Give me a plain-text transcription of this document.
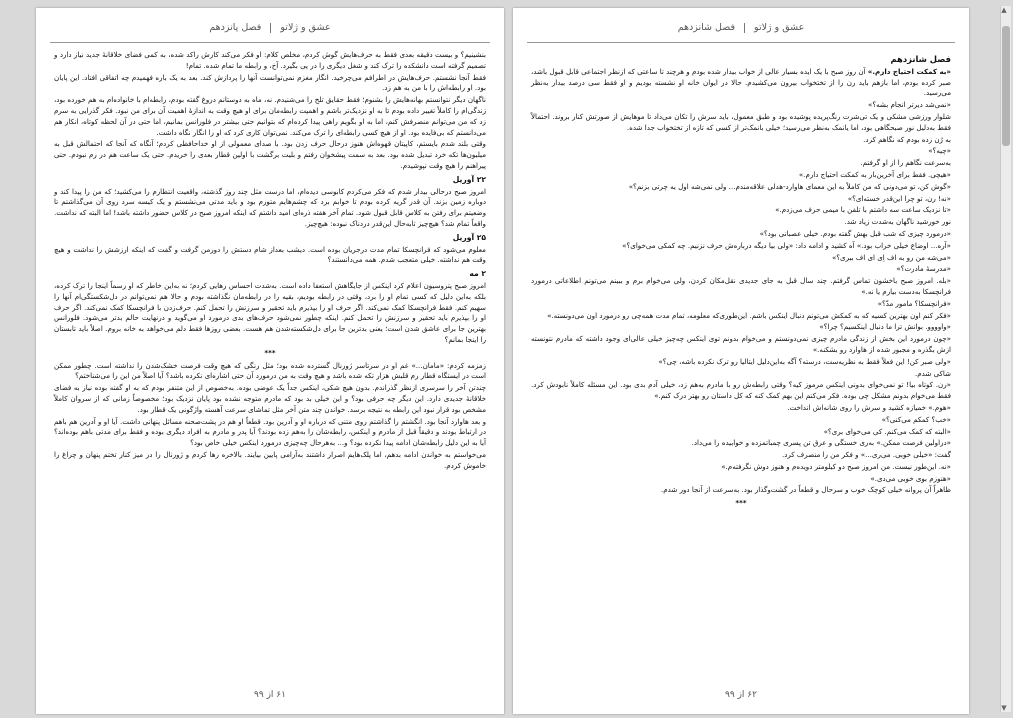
عشق و ژلاتو  فصل پانزدهم

بنشینیم؟ و بیست دقیقه بعدی فقط به حرف‌هایش گوش کردم، مخلص کلام: او فکر می‌کند کارش راکد شده، به کمی فضای خلاقانهٔ جدید نیاز دارد و تصمیم گرفته است دانشکده را ترک کند و شغل دیگری را در پی بگیرد. آخ، و رابطه ما تمام شده. تمام!

فقط آنجا نشستم. حرف‌هایش در اطرافم می‌چرخید. انگار مغزم نمی‌توانست آنها را پردازش کند. بعد به یک باره فهمیدم چه اتفاقی افتاد. این پایان بود. او رابطه‌اش را با من به هم زد.

ناگهان دیگر نتوانستم بهانه‌هایش را بشنوم؛ فقط حقایق تلخ را می‌شنیدم. نه، ماه به دوستانم دروغ گفته بودم، رابطه‌ام با خانواده‌ام به هم خورده بود، زندگی‌ام را کاملاً تغییر داده بودم تا به او نزدیک‌تر باشم و اهمیت رابطه‌مان برای او هیچ وقت به اندازهٔ اهمیت آن برای من نبود. فکر گذرایی به سرم زد که من می‌توانم منصرفش کنم، اما به او بگویم راهی پیدا کرده‌ام که بتوانیم حتی بیشتر در فلورانس بمانیم، اما حتی در آن لحظه کوتاه، انکار هم می‌دانستم که بی‌فایده بود. او از هیچ کسی رابطه‌ای را ترک می‌کند. نمی‌توان کاری کرد که او را انگار نگاه داشت.

وقتی بلند شدم بایستم، کاپیتان قهوه‌اش هنوز درحال حرف زدن بود. با صدای معمولی از او خداحافظی کردم؛ آنگاه که آنجا که احتمالش قبل به میلیون‌ها تکه خرد تبدیل شده بود. بعد به سمت پیشخوان رفتم و بلیت برگشت با اولین قطار بعدی را خریدم. حتی یک ساعت هم در رم نبودم. حتی پیراهنم را هیچ وقت نپوشیدم.

۲۲ آوریل

امروز صبح درحالی بیدار شدم که فکر می‌کردم کابوسی دیده‌ام، اما درست مثل چند روز گذشته، واقعیت انتظارم را می‌کشید؛ که من را پیدا کند و دوباره زمین بزند. آن قدر گریه کرده بودم تا خوابم برد که چشم‌هایم متورم بود و باید مدتی می‌نشستم و یک کیسه سرد روی آن می‌گذاشتم تا وضعیتم برای رفتن به کلاس قابل قبول شود. تمام آخر هفته ذره‌ای امید داشتم که اینکه امروز صبح در کلاس حضور داشته باشد! اما البته که نداشت. واقعاً تمام شد؟ هیچ‌چیز تابه‌حال این‌قدر دردناک نبوده: هیچ‌چیز.

۲۵ آوریل

معلوم می‌شود که فرانچسکا تمام مدت درجریان بوده است. دیشب بعداز شام دستش را دورمن گرفت و گفت که اینکه ارزشش را نداشت و هیچ وقت هم نداشته. خیلی متعجب شدم. همه می‌دانستند؟

۲ مه

امروز صبح پتروسیون اعلام کرد اینکس از جایگاهش استعفا داده است. به‌شدت احساس رهایی کردم؛ نه به‌این خاطر که او رسماً اینجا را ترک کرده، بلکه به‌این دلیل که کسی تمام او را برد، وقتی در رابطه بودیم، بقیه را در رابطه‌مان نگذاشته بودم و حالا هم نمی‌توانم در دل‌شکستگی‌ام آنها را سهیم کنم. فقط فرانچسکا کمک نمی‌کند. اگر حرف او را بپذیرم باید تحقیر و سرزنش را تحمل کنم. حرف‌زدن با فرانچسکا کمک نمی‌کند. اگر حرف او را بپذیرم باید تحقیر و سرزنش را تحمل کنم. اینکه چطور نمی‌شود حرف‌های بدی درمورد او می‌گوید و درنهایت حالم بدتر می‌شود. فلورانس بهترین جا برای عاشق شدن است؛ یعنی بدترین جا برای دل‌شکسته‌شدن هم هست. بعضی روزها فقط دلم می‌خواهد به خانه بروم. اصلاً باید تابستان را اینجا بمانم؟

***

زمزمه کردم: «مامان...» غم او در سرتاسر ژورنال گسترده شده بود؛ مثل رنگی که هیچ وقت فرصت خشک‌شدن را نداشته است. چطور ممکن است در ایستگاه قطار رم قلبش هزار تکه شده باشد و هیچ وقت به من درمورد آن حتی اشاره‌ای نکرده باشد؟ آیا اصلاً من این را می‌شناختم؟

چندتن آخر را سرسری ازنظر گذراندم. بدون هیچ شکی، اینکس جداً یک عوضی بوده. به‌خصوص از این متنفر بودم که به او گفته بوده نیاز به فضای خلاقانهٔ جدیدی دارد. این دیگر چه حرفی بود؟ و این خیلی بد بود که مادرم متوجه نشده بود پایان نزدیک بود؛ مخصوصاً زمانی که از سروان کاملاً مشخص بود قرار نبود این رابطه به نتیجه برسد. خواندن چند متن آخر مثل تماشای سرعت آهسته واژگونی یک قطار بود.

و بعد هاوارد آنجا بود. انگشتم را گذاشتم روی متنی که درباره او و آدرین بود. قطعاً او هم در پشت‌صحنه مسائل پنهانی داشت. آیا او و آدرین هم باهم در ارتباط بودند و دقیقاً قبل از مادرم و اینکس، رابطه‌شان را به‌هم زده بودند؟ آیا پدر و مادرم به افراد دیگری بوده و فقط برای مدتی باهم بوده‌اند؟ آیا به این دلیل رابطه‌شان ادامه پیدا نکرده بود؟ و... به‌هرحال چه‌چیزی درمورد اینکس خیلی خاص بود؟

می‌خواستم به خواندن ادامه بدهم، اما پلک‌هایم اصرار داشتند به‌آرامی پایین بیایند. بالاخره رها کردم و ژورنال را در میز کنار تختم پنهان و چراغ را خاموش کردم.

۶۱ از ۹۹
عشق و ژلاتو  فصل شانزدهم
فصل شانزدهم

«به کمکت احتیاج دارم.» آن روز صبح با یک ایده بسیار عالی از خواب بیدار شده بودم و هرچند تا ساعتی که ازنظر اجتماعی قابل قبول باشد، صبر کرده بودم، اما بازهم باید رن را از تختخواب بیرون می‌کشیدم. حالا در ایوان خانه او نشسته بودیم و او فقط سی درصد بیدار به‌نظر می‌رسید.

«نمی‌شد دیرتر انجام بشه؟»

شلوار ورزشی مشکی و یک تی‌شرت رنگ‌پریده پوشیده بود و طبق معمول، باید سرش را تکان می‌داد تا موهایش از صورتش کنار بروند. احتمالاً فقط به‌دلیل نور صبحگاهی بود، اما یانمک به‌نظر می‌رسید؛ خیلی بانمک‌تر از کسی که تازه از تختخواب جدا شده.

به رُن زده بودم که نگاهم کرد.

«چیه؟»

به‌سرعت نگاهم را از او گرفتم.

«هیچی. فقط برای آخرین‌بار به کمکت احتیاج دارم.»

«گوش کن، تو می‌دونی که من کاملاً به این معمای هاوارد-هدلی علاقه‌مندم... ولی نمی‌شه اول یه چرتی بزنم؟»

«نه! رن، تو چرا این‌قدر خسته‌ای؟»

«تا نزدیک ساعت سه داشتم با تلفن با میمی حرف می‌زدم.»

نور خورشید ناگهان به‌شدت زیاد شد.

«درمورد چیزی که شب قبل بهش گفته بودم. خیلی عصبانی بود؟»

«آره... اوضاع خیلی خراب بود.» آه کشید و ادامه داد: «ولی بیا دیگه درباره‌ش حرف نزنیم. چه کمکی می‌خوای؟»

«می‌شه من رو به اف اِی ای اف ببری؟»

«مدرسهٔ مادرت؟»

«بله. امروز صبح باخشون تماس گرفتم. چند سال قبل به جای جدیدی نقل‌مکان کردن، ولی می‌خوام برم و ببینم می‌تونم اطلاعاتی درمورد فرانچسکا به‌دست بیارم یا نه.»

«فرانچسکا؟ مامور مدّ؟»

«فکر کنم اون بهترین کسیه که به کمکش می‌تونم دنبال اینکس باشم. این‌طوری‌که معلومه، تمام مدت همه‌چی رو درمورد اون می‌دونسته.»

«واوووو. بوانش ترا ما دنبال اینکسیم؟ چرا؟»

«چون درمورد این بخش از زندگی مادرم چیزی نمی‌دونستم و می‌خوام بدونم توی اینکس چه‌چیز خیلی عالی‌ای وجود داشته که مادرم نتونسته ازش بگذره و مجبور شده از هاوارد رو بشکنه.»

«ولی صبر کن! این فعلاً فقط به نظریه‌ست، درسته؟ آگه به‌این‌دلیل ایتالیا رو ترک نکرده باشه، چی؟»

شاکی شدم.

«رن. کوتاه بیا! تو نمی‌خوای بدونی اینکس مرموز کیه؟ وقتی رابطه‌ش رو با مادرم به‌هم زد، خیلی آدم بدی بود. این مسئله کاملاً نابودش کرد. فقط می‌خوام بدونم مشکل چی بوده. فکر می‌کنم این بهم کمک کنه که کل داستان رو بهتر درک کنم.»

«هوم.» خمیازه کشید و سرش را روی شانه‌اش انداخت.

«خب؟ کمکم می‌کنی؟»

«البته که کمک می‌کنم. کی می‌خوای بری؟»

«دراولین فرصت ممکن.» به‌ری خستگی و عرق تن پسری چمباتمزده و خوابیده را می‌داد.

گفت: «خیلی خوبی. می‌ری...» و فکر من را منصرف کرد.

«نه. این‌طور نیست. من امروز صبح دو کیلومتر دویده‌م و هنوز دوش نگرفته‌م.»

«هنوزم بوی خوبی می‌دی.»

ظاهراً آن پروانه خیلی کوچک خوب و سرحال و قطعاً در گشت‌وگذار بود. به‌سرعت از آنجا دور شدم.

***
۶۲ از ۹۹
▲
▼
